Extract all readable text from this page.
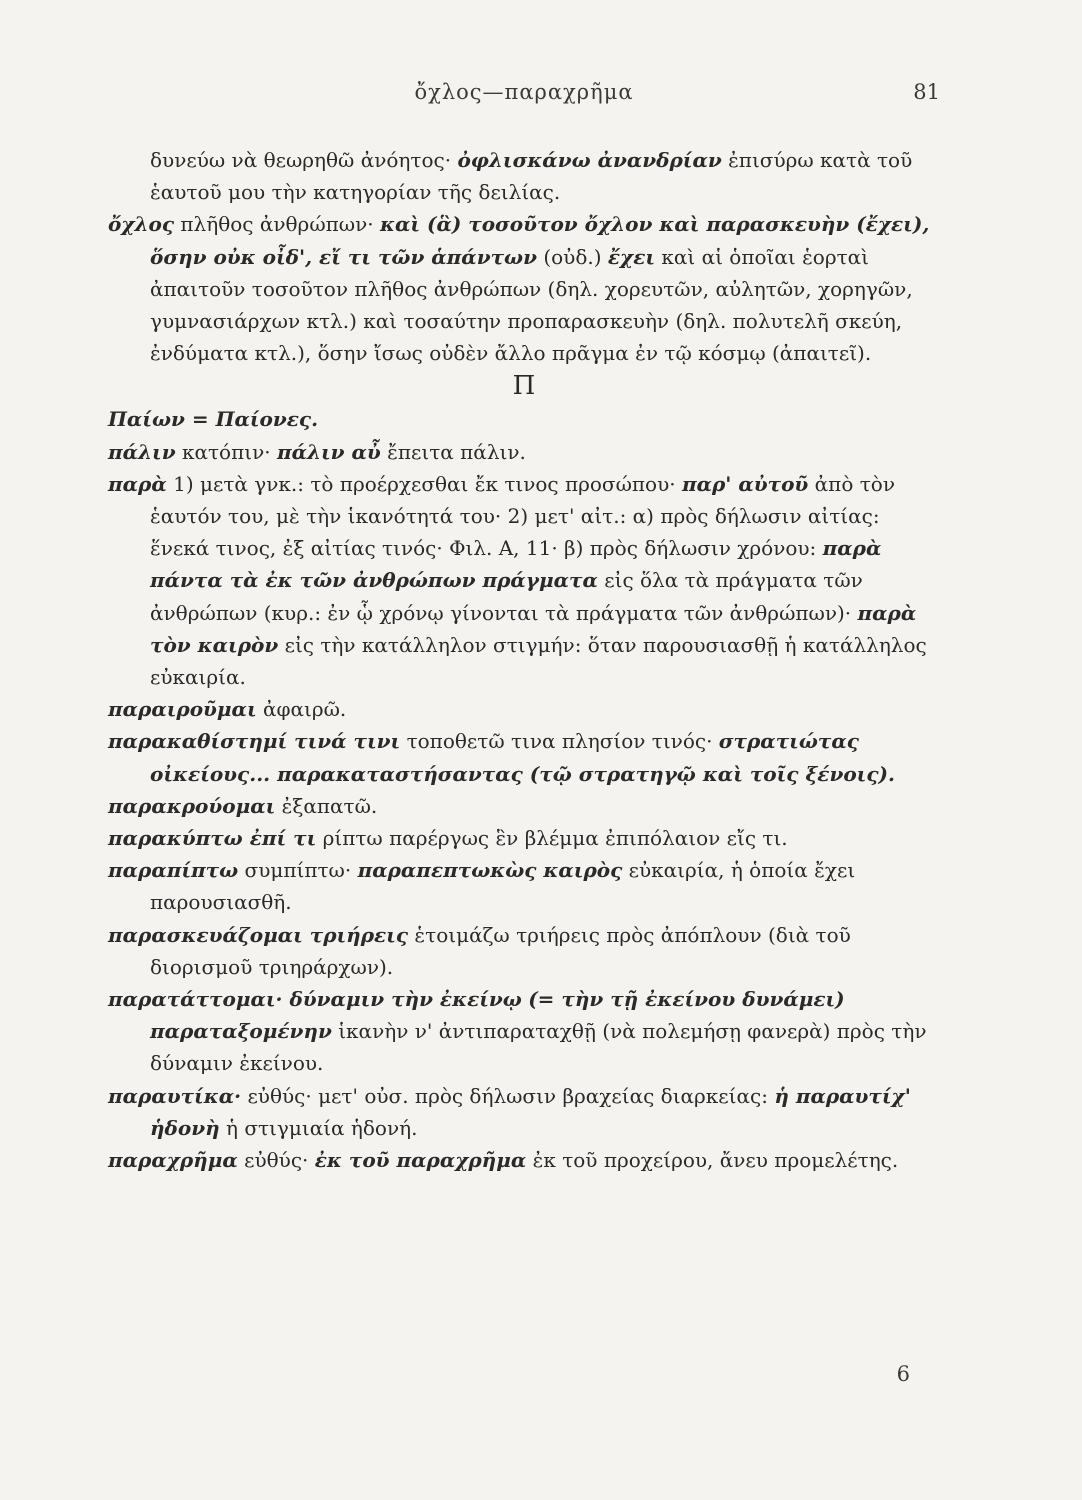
ὄχλος—παραχρῆμα	81

δυνεύω νὰ θεωρηθῶ ἀνόητος· ὀφλισκάνω ἀνανδρίαν ἐπισύρω κατὰ τοῦ ἑαυτοῦ μου τὴν κατηγορίαν τῆς δειλίας.

ὄχλος πλῆθος ἀνθρώπων· καὶ (ἃ) τοσοῦτον ὄχλον καὶ παρασκευὴν (ἔχει), ὅσην οὐκ οἶδ', εἴ τι τῶν ἁπάντων (οὐδ.) ἔχει καὶ αἱ ὁποῖαι ἑορταὶ ἀπαιτοῦν τοσοῦτον πλῆθος ἀνθρώπων (δηλ. χορευτῶν, αὐλητῶν, χορηγῶν, γυμνασιάρχων κτλ.) καὶ τοσαύτην προπαρασκευὴν (δηλ. πολυτελῆ σκεύη, ἐνδύματα κτλ.), ὅσην ἴσως οὐδὲν ἄλλο πρᾶγμα ἐν τῷ κόσμῳ (ἀπαιτεῖ).

Π

Παίων = Παίονες.

πάλιν κατόπιν· πάλιν αὖ ἔπειτα πάλιν.

παρὰ 1) μετὰ γνκ.: τὸ προέρχεσθαι ἔκ τινος προσώπου· παρ' αὐτοῦ ἀπὸ τὸν ἑαυτόν του, μὲ τὴν ἱκανότητά του· 2) μετ' αἰτ.: α) πρὸς δήλωσιν αἰτίας: ἕνεκά τινος, ἐξ αἰτίας τινός· Φιλ. Α, 11· β) πρὸς δήλωσιν χρόνου: παρὰ πάντα τὰ ἐκ τῶν ἀνθρώπων πράγματα εἰς ὅλα τὰ πράγματα τῶν ἀνθρώπων (κυρ.: ἐν ᾧ χρόνῳ γίνονται τὰ πράγματα τῶν ἀνθρώπων)· παρὰ τὸν καιρὸν εἰς τὴν κατάλληλον στιγμήν: ὅταν παρουσιασθῇ ἡ κατάλληλος εὐκαιρία.

παραιροῦμαι ἀφαιρῶ.

παρακαθίστημί τινά τινι τοποθετῶ τινα πλησίον τινός· στρατιώτας οἰκείους... παρακαταστήσαντας (τῷ στρατηγῷ καὶ τοῖς ξένοις).

παρακρούομαι ἐξαπατῶ.

παρακύπτω ἐπί τι ρίπτω παρέργως ἓν βλέμμα ἐπιπόλαιον εἴς τι.

παραπίπτω συμπίπτω· παραπεπτωκὼς καιρὸς εὐκαιρία, ἡ ὁποία ἔχει παρουσιασθῆ.

παρασκευάζομαι τριήρεις ἑτοιμάζω τριήρεις πρὸς ἀπόπλουν (διὰ τοῦ διορισμοῦ τριηράρχων).

παρατάττομαι· δύναμιν τὴν ἐκείνῳ (= τὴν τῇ ἐκείνου δυνάμει) παραταξομένην ἱκανὴν ν' ἀντιπαραταχθῇ (νὰ πολεμήσῃ φανερὰ) πρὸς τὴν δύναμιν ἐκείνου.

παραυτίκα· εὐθύς· μετ' οὐσ. πρὸς δήλωσιν βραχείας διαρκείας: ἡ παραυτίχ' ἡδονὴ ἡ στιγμιαία ἡδονή.

παραχρῆμα εὐθύς· ἐκ τοῦ παραχρῆμα ἐκ τοῦ προχείρου, ἄνευ προμελέτης.

6
